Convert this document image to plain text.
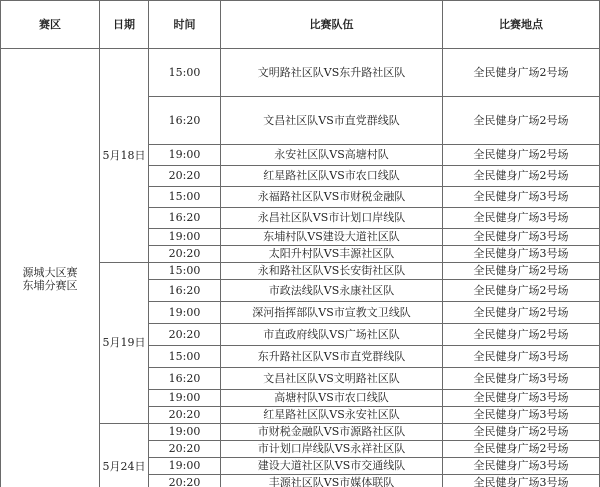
赛区	日期	时间	比赛队伍	比赛地点
源城大区赛
东埔分赛区	5月18日	15:00	文明路社区队VS东升路社区队	全民健身广场2号场
		16:20	文昌社区队VS市直党群线队	全民健身广场2号场
		19:00	永安社区队VS高塘村队	全民健身广场2号场
		20:20	红星路社区队VS市农口线队	全民健身广场2号场
		15:00	永福路社区队VS市财税金融队	全民健身广场3号场
		16:20	永昌社区队VS市计划口岸线队	全民健身广场3号场
		19:00	东埔村队VS建设大道社区队	全民健身广场3号场
		20:20	太阳升村队VS丰源社区队	全民健身广场3号场
	5月19日	15:00	永和路社区队VS长安街社区队	全民健身广场2号场
		16:20	市政法线队VS永康社区队	全民健身广场2号场
		19:00	深河指挥部队VS市宣教文卫线队	全民健身广场2号场
		20:20	市直政府线队VS广场社区队	全民健身广场2号场
		15:00	东升路社区队VS市直党群线队	全民健身广场3号场
		16:20	文昌社区队VS文明路社区队	全民健身广场3号场
		19:00	高塘村队VS市农口线队	全民健身广场3号场
		20:20	红星路社区队VS永安社区队	全民健身广场3号场
	5月24日	19:00	市财税金融队VS市源路社区队	全民健身广场2号场
		20:20	市计划口岸线队VS永祥社区队	全民健身广场2号场
		19:00	建设大道社区队VS市交通线队	全民健身广场3号场
		20:20	丰源社区队VS市媒体联队	全民健身广场3号场
